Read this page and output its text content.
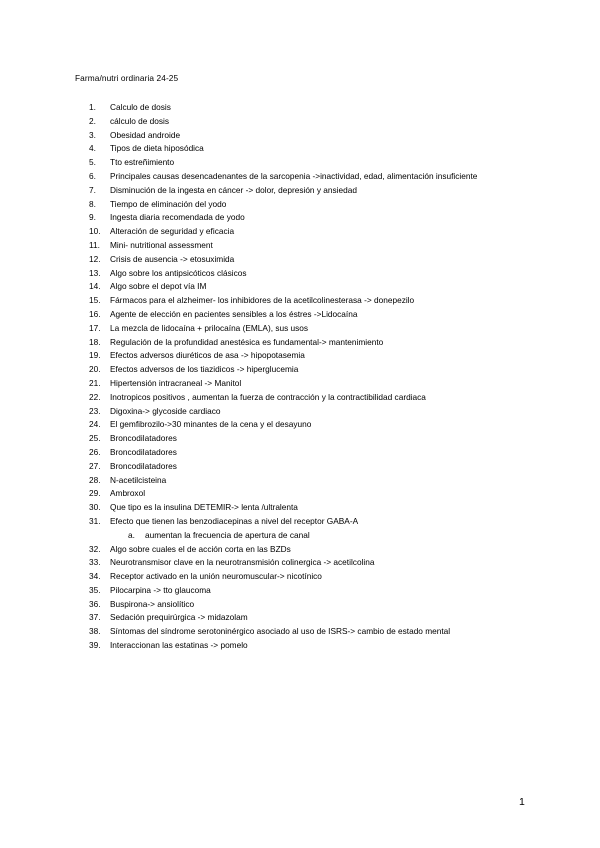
Farma/nutri ordinaria 24-25
1.	Calculo de dosis
2.	cálculo de dosis
3.	Obesidad androide
4.	Tipos de dieta hiposódica
5.	Tto estreñimiento
6.	Principales causas desencadenantes de la sarcopenia ->inactividad, edad, alimentación insuficiente
7.	Disminución de la ingesta en cáncer -> dolor, depresión y ansiedad
8.	Tiempo de eliminación del yodo
9.	Ingesta diaria recomendada de yodo
10.	Alteración de seguridad y eficacia
11.	Mini- nutritional assessment
12.	Crisis de ausencia -> etosuximida
13.	Algo sobre los antipsicóticos clásicos
14.	Algo sobre el depot vía IM
15.	Fármacos para el alzheimer- los inhibidores de la acetilcolinesterasa -> donepezilo
16.	Agente de elección en pacientes sensibles a los éstres ->Lidocaína
17.	La mezcla de lidocaína + prilocaína (EMLA), sus usos
18.	Regulación de la profundidad anestésica es fundamental-> mantenimiento
19.	Efectos adversos diuréticos de asa -> hipopotasemia
20.	Efectos adversos de los tiazidicos -> hiperglucemia
21.	Hipertensión intracraneal -> Manitol
22.	Inotropicos positivos , aumentan la fuerza de contracción y la contractibilidad cardiaca
23.	Digoxina-> glycoside cardiaco
24.	El gemfibrozilo->30 minantes de la cena y el desayuno
25.	Broncodilatadores
26.	Broncodilatadores
27.	Broncodilatadores
28.	N-acetilcisteina
29.	Ambroxol
30.	Que tipo es la insulina DETEMIR-> lenta /ultralenta
31.	Efecto que tienen las benzodiacepinas a nivel del receptor GABA-A
a. aumentan la frecuencia de apertura de canal
32.	Algo sobre cuales el de acción corta en las BZDs
33.	Neurotransmisor clave en la neurotransmisión colinergica -> acetilcolina
34.	Receptor activado en la unión neuromuscular-> nicotínico
35.	Pilocarpina -> tto glaucoma
36.	Buspirona-> ansiolítico
37.	Sedación prequirúrgica -> midazolam
38.	Síntomas del síndrome serotoninérgico asociado al uso de ISRS-> cambio de estado mental
39.	Interaccionan las estatinas -> pomelo
1
